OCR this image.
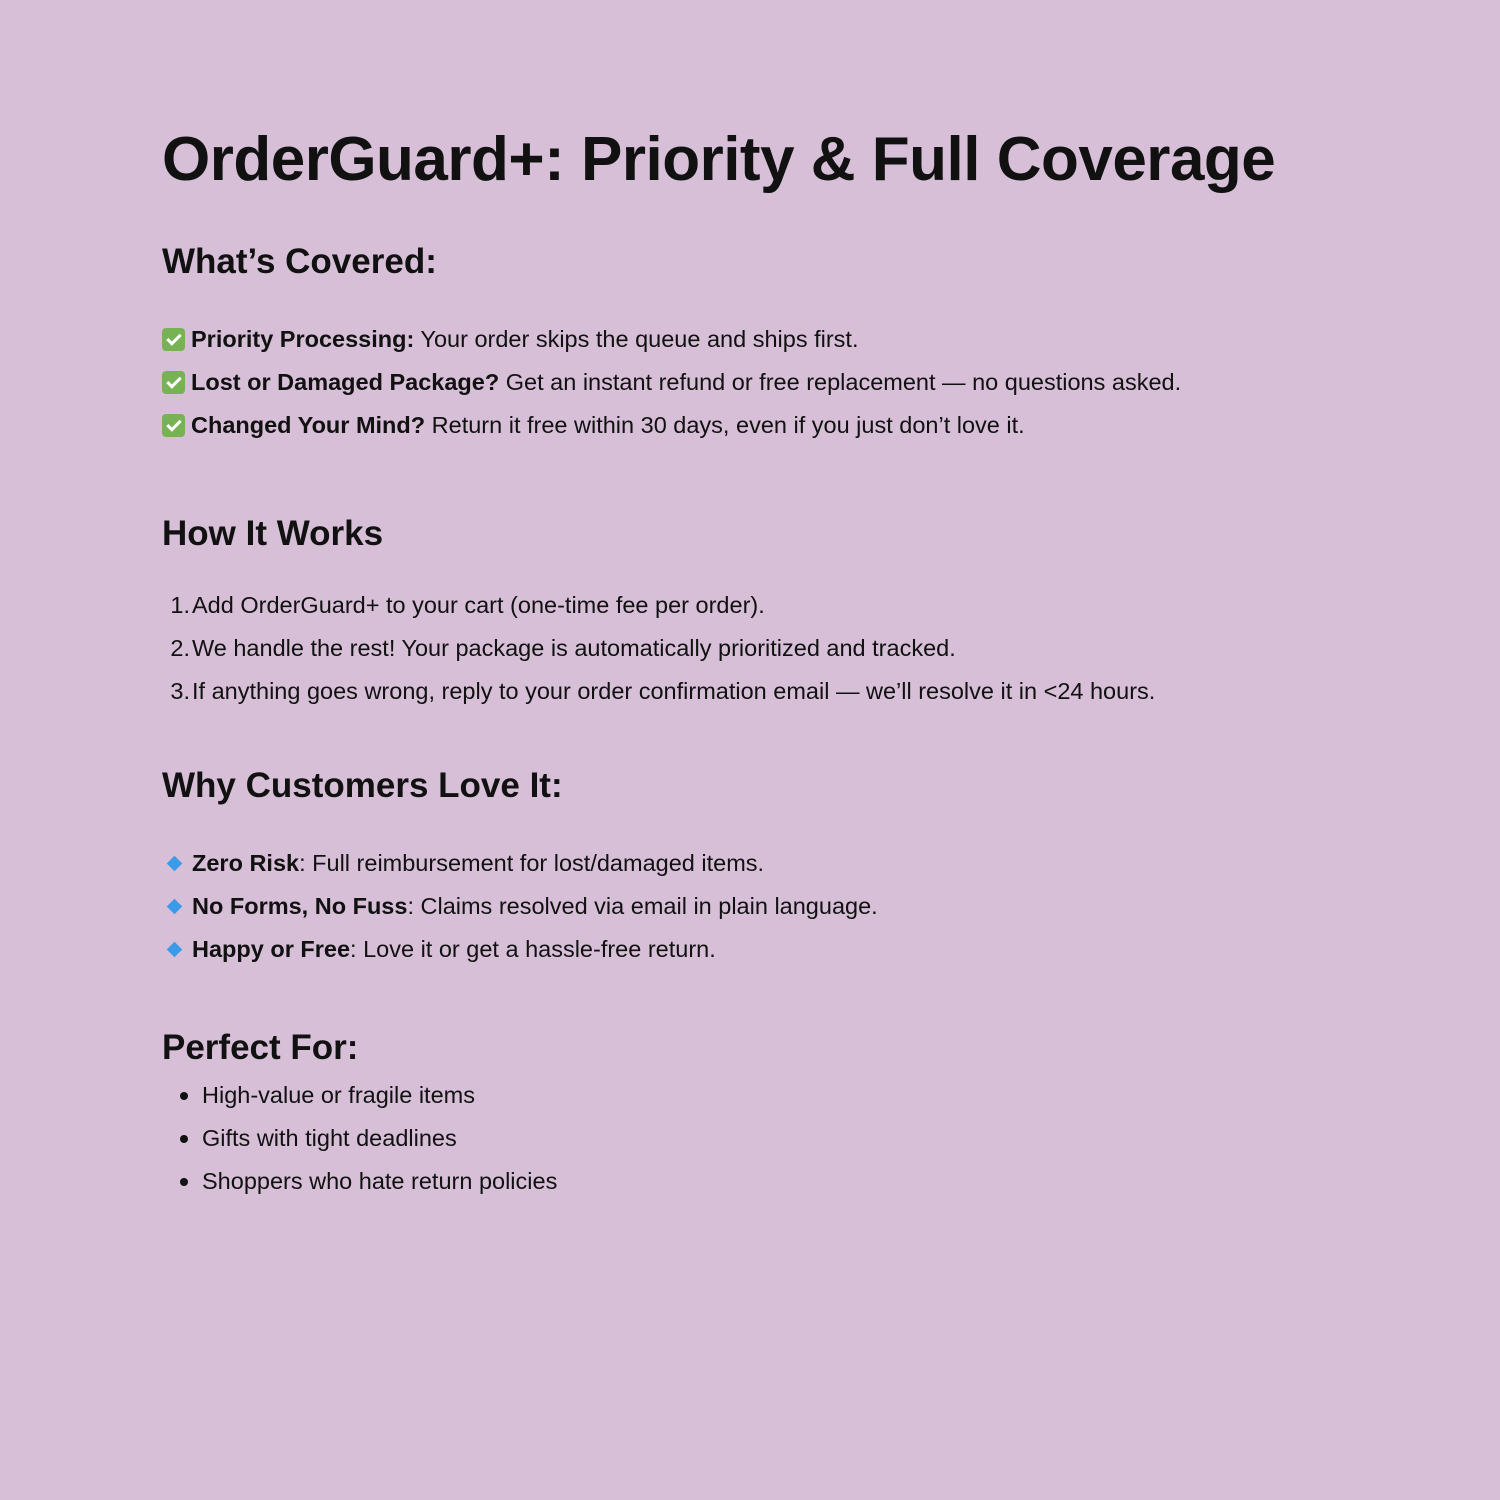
OrderGuard+: Priority & Full Coverage
What’s Covered:
Priority Processing: Your order skips the queue and ships first.
Lost or Damaged Package? Get an instant refund or free replacement — no questions asked.
Changed Your Mind? Return it free within 30 days, even if you just don’t love it.
How It Works
1.Add OrderGuard+ to your cart (one-time fee per order).
2.We handle the rest! Your package is automatically prioritized and tracked.
3.If anything goes wrong, reply to your order confirmation email — we’ll resolve it in <24 hours.
Why Customers Love It:
Zero Risk: Full reimbursement for lost/damaged items.
No Forms, No Fuss: Claims resolved via email in plain language.
Happy or Free: Love it or get a hassle-free return.
Perfect For:
High-value or fragile items
Gifts with tight deadlines
Shoppers who hate return policies
